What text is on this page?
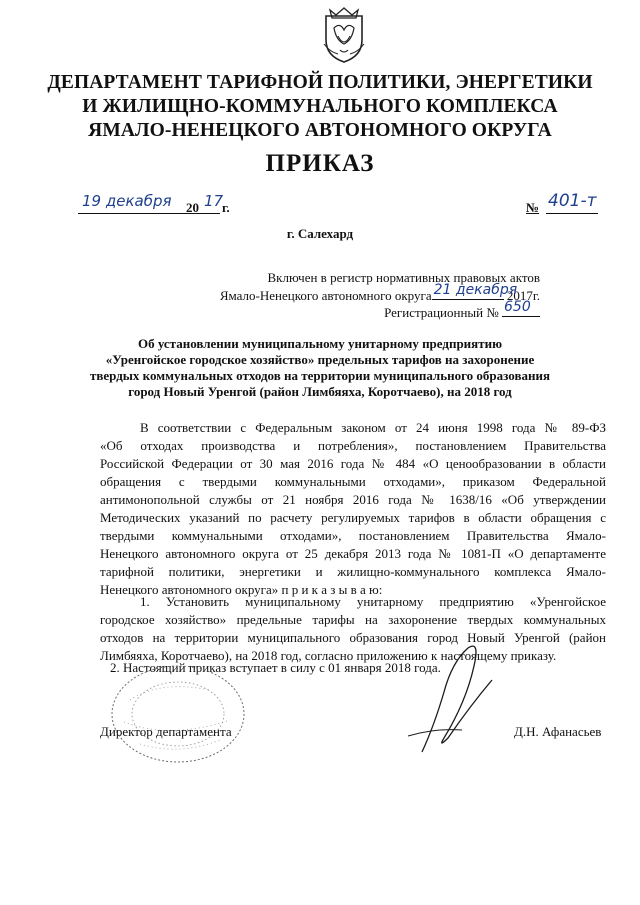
ДЕПАРТАМЕНТ ТАРИФНОЙ ПОЛИТИКИ, ЭНЕРГЕТИКИ
И ЖИЛИЩНО-КОММУНАЛЬНОГО КОМПЛЕКСА
ЯМАЛО-НЕНЕЦКОГО АВТОНОМНОГО ОКРУГА
ПРИКАЗ
19 декабря 20 17
г.	№ 401-т
г. Салехард
Включен в регистр нормативных правовых актов
Ямало-Ненецкого автономного округа 21 декабря
2017г.
Регистрационный № 650
Об установлении муниципальному унитарному предприятию
«Уренгойское городское хозяйство» предельных тарифов на захоронение
твердых коммунальных отходов на территории муниципального образования
город Новый Уренгой (район Лимбяяха, Коротчаево), на 2018 год
В соответствии с Федеральным законом от 24 июня 1998 года № 89-ФЗ
«Об отходах производства и потребления», постановлением Правительства
Российской Федерации от 30 мая 2016 года № 484 «О ценообразовании в области
обращения с твердыми коммунальными отходами», приказом Федеральной
антимонопольной службы от 21 ноября 2016 года № 1638/16 «Об утверждении
Методических указаний по расчету регулируемых тарифов в области обращения с
твердыми коммунальными отходами», постановлением Правительства Ямало-
Ненецкого автономного округа от 25 декабря 2013 года № 1081-П «О департаменте
тарифной политики, энергетики и жилищно-коммунального комплекса Ямало-
Ненецкого автономного округа» п р и к а з ы в а ю:
1. Установить муниципальному унитарному предприятию «Уренгойское
городское хозяйство» предельные тарифы на захоронение твердых коммунальных
отходов на территории муниципального образования город Новый Уренгой (район
Лимбяяха, Коротчаево), на 2018 год, согласно приложению к настоящему приказу.
2. Настоящий приказ вступает в силу с 01 января 2018 года.
Директор департамента	Д.Н. Афанасьев
